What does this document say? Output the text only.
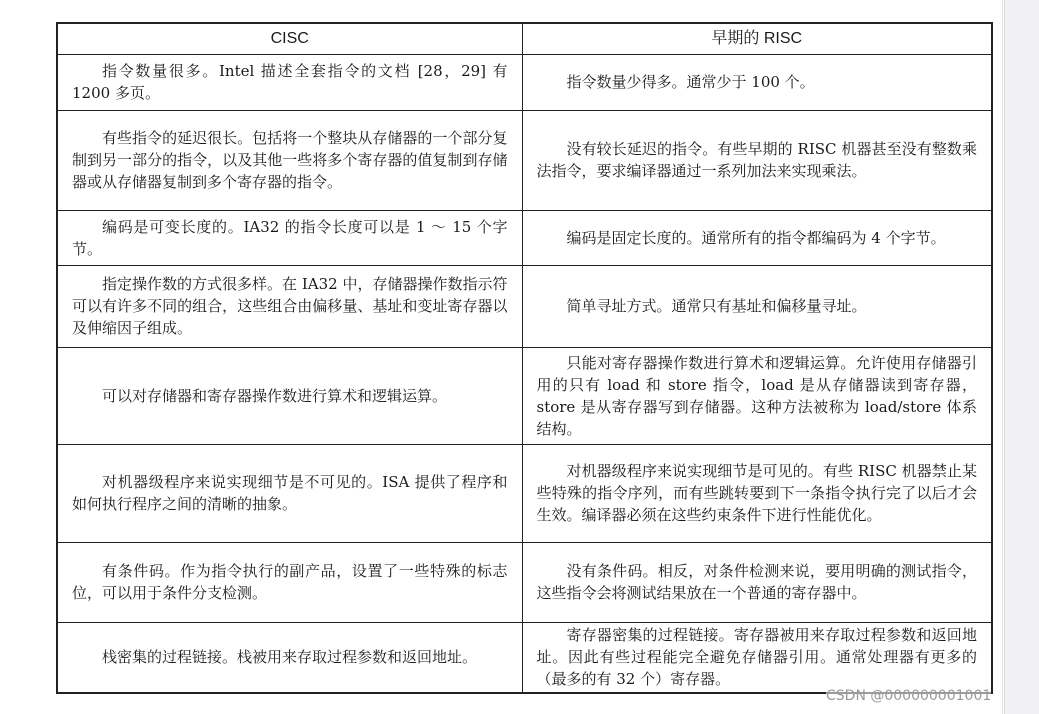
CISC	早期的 RISC
指令数量很多。Intel 描述全套指令的文档 [28，29] 有 1200 多页。	指令数量少得多。通常少于 100 个。
有些指令的延迟很长。包括将一个整块从存储器的一个部分复制到另一部分的指令，以及其他一些将多个寄存器的值复制到存储器或从存储器复制到多个寄存器的指令。	没有较长延迟的指令。有些早期的 RISC 机器甚至没有整数乘法指令，要求编译器通过一系列加法来实现乘法。
编码是可变长度的。IA32 的指令长度可以是 1 ～ 15 个字节。	编码是固定长度的。通常所有的指令都编码为 4 个字节。
指定操作数的方式很多样。在 IA32 中，存储器操作数指示符可以有许多不同的组合，这些组合由偏移量、基址和变址寄存器以及伸缩因子组成。	简单寻址方式。通常只有基址和偏移量寻址。
可以对存储器和寄存器操作数进行算术和逻辑运算。	只能对寄存器操作数进行算术和逻辑运算。允许使用存储器引用的只有 load 和 store 指令，load 是从存储器读到寄存器，store 是从寄存器写到存储器。这种方法被称为 load/store 体系结构。
对机器级程序来说实现细节是不可见的。ISA 提供了程序和如何执行程序之间的清晰的抽象。	对机器级程序来说实现细节是可见的。有些 RISC 机器禁止某些特殊的指令序列，而有些跳转要到下一条指令执行完了以后才会生效。编译器必须在这些约束条件下进行性能优化。
有条件码。作为指令执行的副产品，设置了一些特殊的标志位，可以用于条件分支检测。	没有条件码。相反，对条件检测来说，要用明确的测试指令，这些指令会将测试结果放在一个普通的寄存器中。
栈密集的过程链接。栈被用来存取过程参数和返回地址。	寄存器密集的过程链接。寄存器被用来存取过程参数和返回地址。因此有些过程能完全避免存储器引用。通常处理器有更多的（最多的有 32 个）寄存器。
CSDN @000000001001
